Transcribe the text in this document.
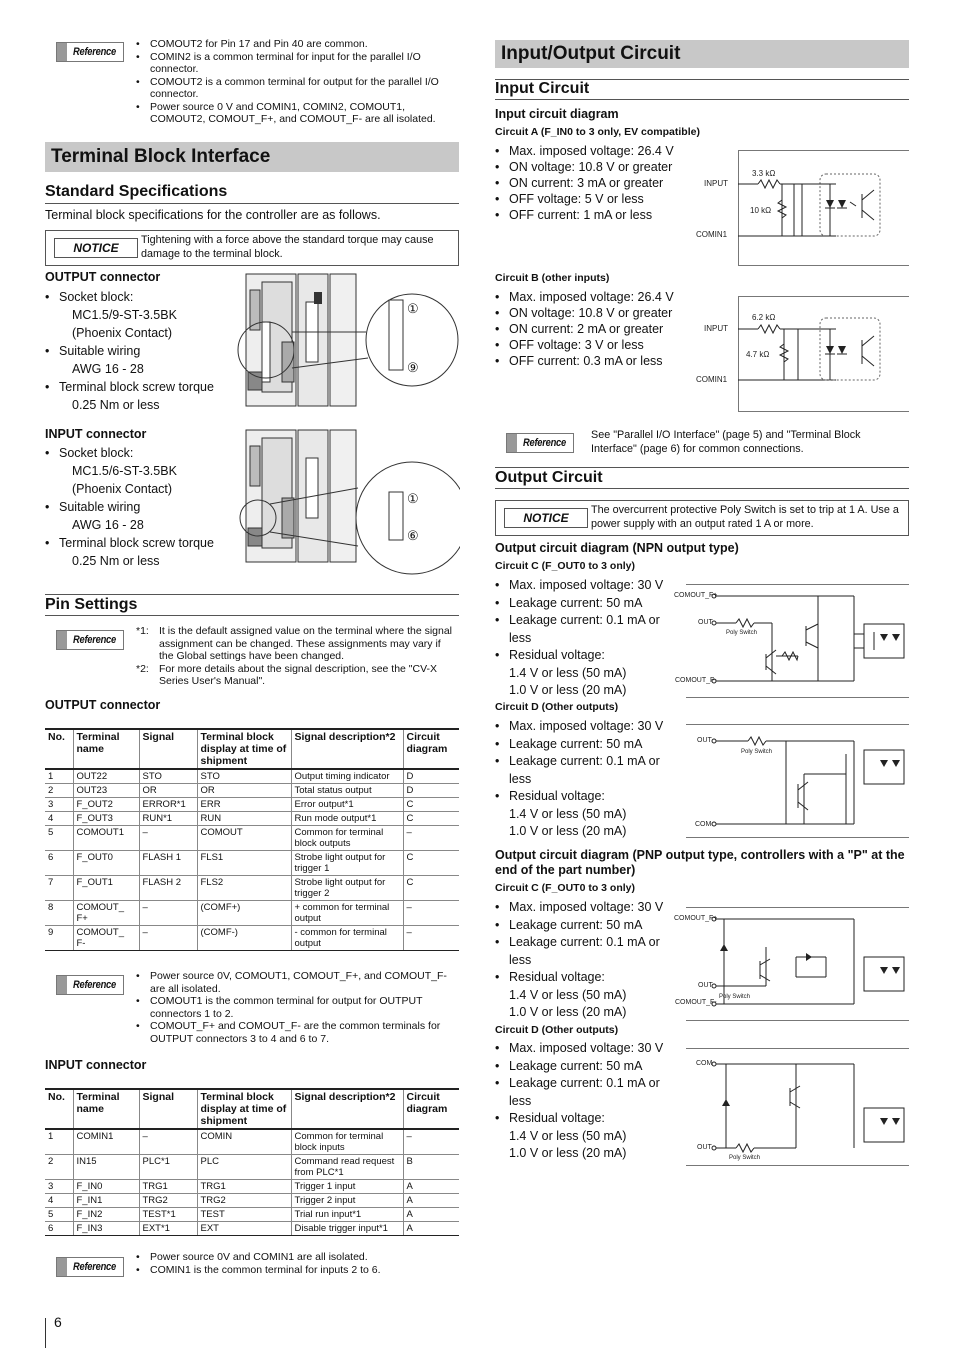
Reference
• COMOUT2 for Pin 17 and Pin 40 are common.
• COMIN2 is a common terminal for input for the parallel I/O connector.
• COMOUT2 is a common terminal for output for the parallel I/O connector.
• Power source 0 V and COMIN1, COMIN2, COMOUT1, COMOUT2, COMOUT_F+, and COMOUT_F- are all isolated.
Terminal Block Interface
Standard Specifications
Terminal block specifications for the controller are as follows.
NOTICE
Tightening with a force above the standard torque may cause damage to the terminal block.
OUTPUT connector
• Socket block:
MC1.5/9-ST-3.5BK
(Phoenix Contact)
• Suitable wiring
AWG 16 - 28
• Terminal block screw torque
0.25 Nm or less
①
⑨
INPUT connector
• Socket block:
MC1.5/6-ST-3.5BK
(Phoenix Contact)
• Suitable wiring
AWG 16 - 28
• Terminal block screw torque
0.25 Nm or less
①
⑥
Pin Settings
Reference
*1: It is the default assigned value on the terminal where the signal assignment can be changed. These assignments may vary if the Global settings have been changed.
*2: For more details about the signal description, see the "CV-X Series User's Manual".
OUTPUT connector
No.	Terminal name	Signal	Terminal block display at time of shipment	Signal description*2	Circuit diagram
1	OUT22	STO	STO	Output timing indicator	D
2	OUT23	OR	OR	Total status output	D
3	F_OUT2	ERROR*1	ERR	Error output*1	C
4	F_OUT3	RUN*1	RUN	Run mode output*1	C
5	COMOUT1	–	COMOUT	Common for terminal block outputs	–
6	F_OUT0	FLASH 1	FLS1	Strobe light output for trigger 1	C
7	F_OUT1	FLASH 2	FLS2	Strobe light output for trigger 2	C
8	COMOUT_ F+	–	(COMF+)	+ common for terminal output	–
9	COMOUT_ F-	–	(COMF-)	- common for terminal output	–
Reference
• Power source 0V, COMOUT1, COMOUT_F+, and COMOUT_F- are all isolated.
• COMOUT1 is the common terminal for output for OUTPUT connectors 1 to 2.
• COMOUT_F+ and COMOUT_F- are the common terminals for OUTPUT connectors 3 to 4 and 6 to 7.
INPUT connector
No.	Terminal name	Signal	Terminal block display at time of shipment	Signal description*2	Circuit diagram
1	COMIN1	–	COMIN	Common for terminal block inputs	–
2	IN15	PLC*1	PLC	Command read request from PLC*1	B
3	F_IN0	TRG1	TRG1	Trigger 1 input	A
4	F_IN1	TRG2	TRG2	Trigger 2 input	A
5	F_IN2	TEST*1	TEST	Trial run input*1	A
6	F_IN3	EXT*1	EXT	Disable trigger input*1	A
Reference
• Power source 0V and COMIN1 are all isolated.
• COMIN1 is the common terminal for inputs 2 to 6.
6
Input/Output Circuit
Input Circuit
Input circuit diagram
Circuit A (F_IN0 to 3 only, EV compatible)
• Max. imposed voltage: 26.4 V
• ON voltage: 10.8 V or greater
• ON current: 3 mA or greater
• OFF voltage: 5 V or less
• OFF current: 1 mA or less
INPUT
COMIN1
3.3 kΩ
10 kΩ
Circuit B (other inputs)
• Max. imposed voltage: 26.4 V
• ON voltage: 10.8 V or greater
• ON current: 2 mA or greater
• OFF voltage: 3 V or less
• OFF current: 0.3 mA or less
INPUT
COMIN1
6.2 kΩ
4.7 kΩ
Reference
See "Parallel I/O Interface" (page 5) and "Terminal Block Interface" (page 6) for common connections.
Output Circuit
NOTICE
The overcurrent protective Poly Switch is set to trip at 1 A. Use a power supply with an output rated 1 A or more.
Output circuit diagram (NPN output type)
Circuit C (F_OUT0 to 3 only)
• Max. imposed voltage: 30 V
• Leakage current: 50 mA
• Leakage current: 0.1 mA or less
• Residual voltage:
1.4 V or less (50 mA)
1.0 V or less (20 mA)
COMOUT_F+
OUT
COMOUT_F-
Poly Switch
Circuit D (Other outputs)
• Max. imposed voltage: 30 V
• Leakage current: 50 mA
• Leakage current: 0.1 mA or less
• Residual voltage:
1.4 V or less (50 mA)
1.0 V or less (20 mA)
OUT
COM
Poly Switch
Output circuit diagram (PNP output type, controllers with a "P" at the end of the part number)
Circuit C (F_OUT0 to 3 only)
• Max. imposed voltage: 30 V
• Leakage current: 50 mA
• Leakage current: 0.1 mA or less
• Residual voltage:
1.4 V or less (50 mA)
1.0 V or less (20 mA)
COMOUT_F+
OUT
COMOUT_F-
Poly Switch
Circuit D (Other outputs)
• Max. imposed voltage: 30 V
• Leakage current: 50 mA
• Leakage current: 0.1 mA or less
• Residual voltage:
1.4 V or less (50 mA)
1.0 V or less (20 mA)
COM
OUT
Poly Switch
